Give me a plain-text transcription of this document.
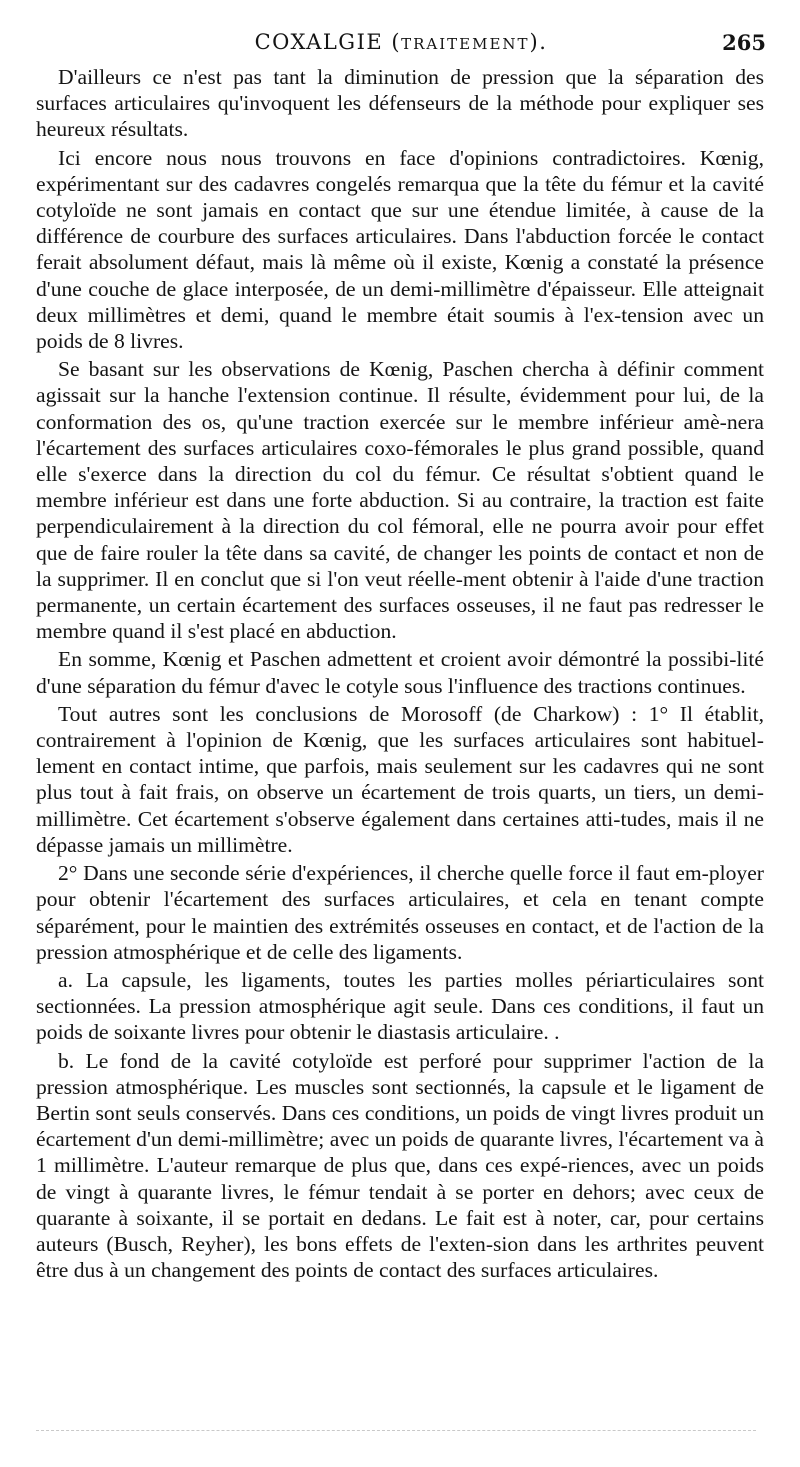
COXALGIE (TRAITEMENT).	265

D'ailleurs ce n'est pas tant la diminution de pression que la séparation des surfaces articulaires qu'invoquent les défenseurs de la méthode pour expliquer ses heureux résultats.

Ici encore nous nous trouvons en face d'opinions contradictoires. Kœnig, expérimentant sur des cadavres congelés remarqua que la tête du fémur et la cavité cotyloïde ne sont jamais en contact que sur une étendue limitée, à cause de la différence de courbure des surfaces articulaires. Dans l'abduction forcée le contact ferait absolument défaut, mais là même où il existe, Kœnig a constaté la présence d'une couche de glace interposée, de un demi-millimètre d'épaisseur. Elle atteignait deux millimètres et demi, quand le membre était soumis à l'ex-tension avec un poids de 8 livres.

Se basant sur les observations de Kœnig, Paschen chercha à définir comment agissait sur la hanche l'extension continue. Il résulte, évidemment pour lui, de la conformation des os, qu'une traction exercée sur le membre inférieur amè-nera l'écartement des surfaces articulaires coxo-fémorales le plus grand possible, quand elle s'exerce dans la direction du col du fémur. Ce résultat s'obtient quand le membre inférieur est dans une forte abduction. Si au contraire, la traction est faite perpendiculairement à la direction du col fémoral, elle ne pourra avoir pour effet que de faire rouler la tête dans sa cavité, de changer les points de contact et non de la supprimer. Il en conclut que si l'on veut réelle-ment obtenir à l'aide d'une traction permanente, un certain écartement des surfaces osseuses, il ne faut pas redresser le membre quand il s'est placé en abduction.

En somme, Kœnig et Paschen admettent et croient avoir démontré la possibi-lité d'une séparation du fémur d'avec le cotyle sous l'influence des tractions continues.

Tout autres sont les conclusions de Morosoff (de Charkow) : 1° Il établit, contrairement à l'opinion de Kœnig, que les surfaces articulaires sont habituel-lement en contact intime, que parfois, mais seulement sur les cadavres qui ne sont plus tout à fait frais, on observe un écartement de trois quarts, un tiers, un demi-millimètre. Cet écartement s'observe également dans certaines atti-tudes, mais il ne dépasse jamais un millimètre.

2° Dans une seconde série d'expériences, il cherche quelle force il faut em-ployer pour obtenir l'écartement des surfaces articulaires, et cela en tenant compte séparément, pour le maintien des extrémités osseuses en contact, et de l'action de la pression atmosphérique et de celle des ligaments.

a. La capsule, les ligaments, toutes les parties molles périarticulaires sont sectionnées. La pression atmosphérique agit seule. Dans ces conditions, il faut un poids de soixante livres pour obtenir le diastasis articulaire. .

b. Le fond de la cavité cotyloïde est perforé pour supprimer l'action de la pression atmosphérique. Les muscles sont sectionnés, la capsule et le ligament de Bertin sont seuls conservés. Dans ces conditions, un poids de vingt livres produit un écartement d'un demi-millimètre; avec un poids de quarante livres, l'écartement va à 1 millimètre. L'auteur remarque de plus que, dans ces expé-riences, avec un poids de vingt à quarante livres, le fémur tendait à se porter en dehors; avec ceux de quarante à soixante, il se portait en dedans. Le fait est à noter, car, pour certains auteurs (Busch, Reyher), les bons effets de l'exten-sion dans les arthrites peuvent être dus à un changement des points de contact des surfaces articulaires.
